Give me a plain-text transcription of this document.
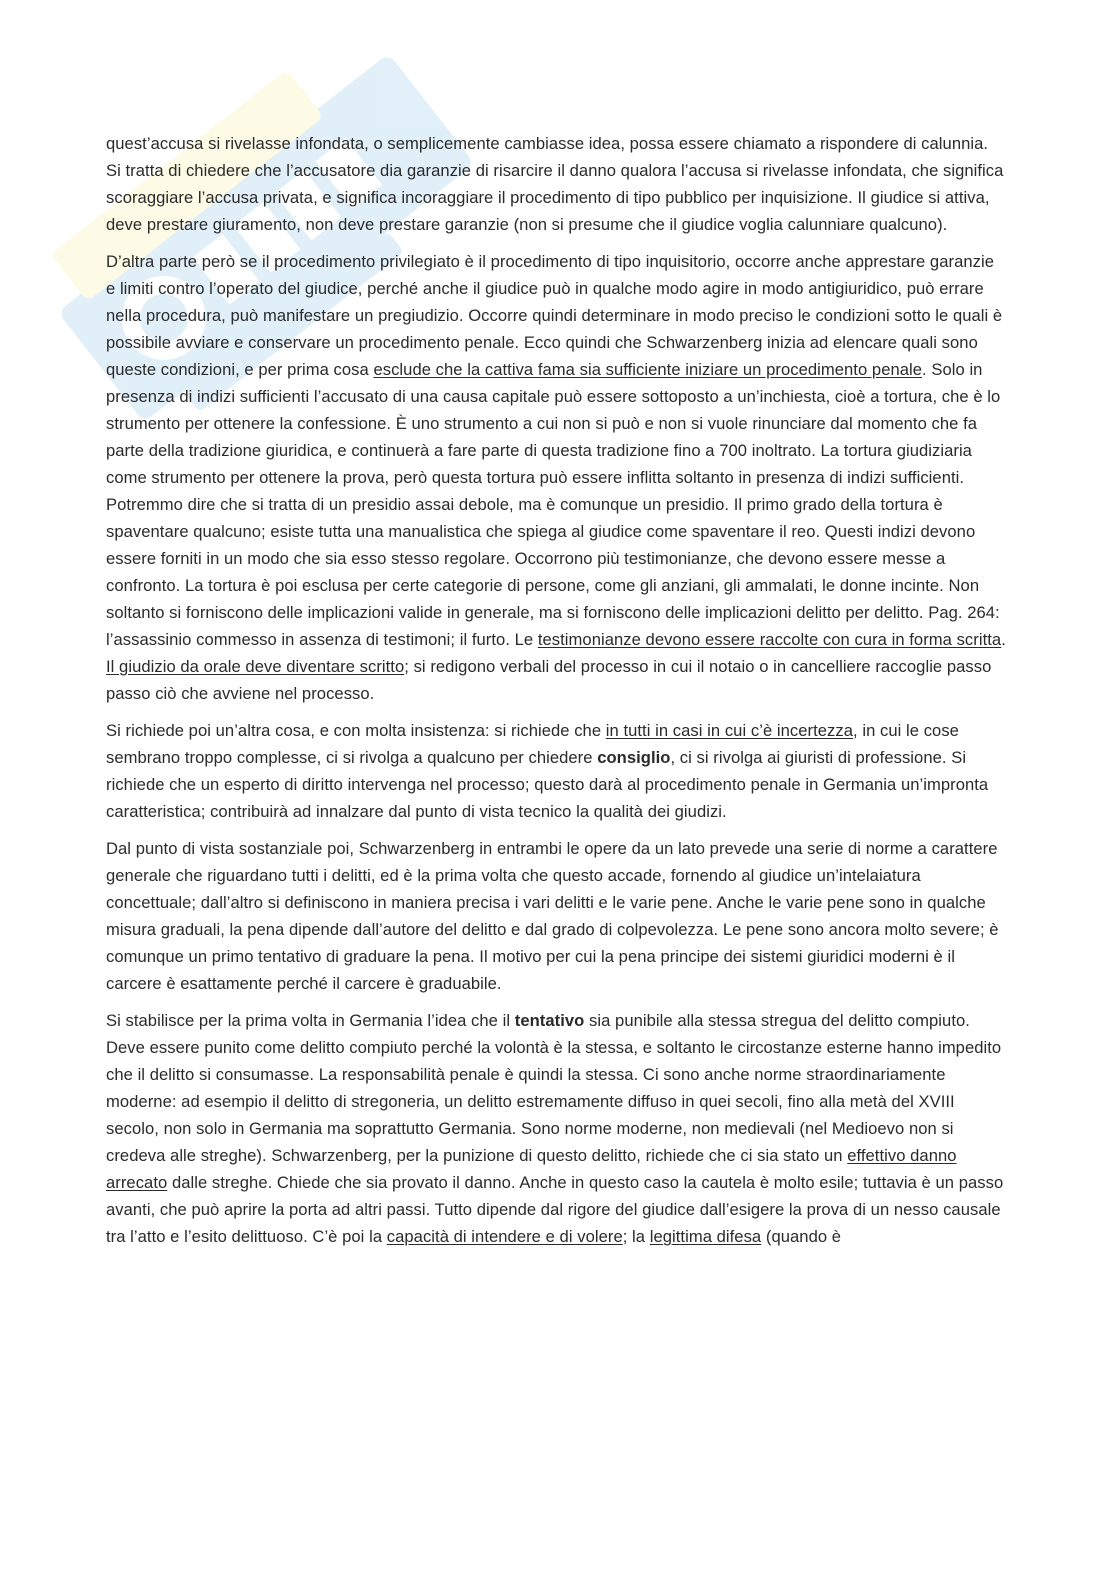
quest’accusa si rivelasse infondata, o semplicemente cambiasse idea, possa essere chiamato a rispondere di calunnia. Si tratta di chiedere che l’accusatore dia garanzie di risarcire il danno qualora l’accusa si rivelasse infondata, che significa scoraggiare l’accusa privata, e significa incoraggiare il procedimento di tipo pubblico per inquisizione. Il giudice si attiva, deve prestare giuramento, non deve prestare garanzie (non si presume che il giudice voglia calunniare qualcuno).

D’altra parte però se il procedimento privilegiato è il procedimento di tipo inquisitorio, occorre anche apprestare garanzie e limiti contro l’operato del giudice, perché anche il giudice può in qualche modo agire in modo antigiuridico, può errare nella procedura, può manifestare un pregiudizio. Occorre quindi determinare in modo preciso le condizioni sotto le quali è possibile avviare e conservare un procedimento penale. Ecco quindi che Schwarzenberg inizia ad elencare quali sono queste condizioni, e per prima cosa esclude che la cattiva fama sia sufficiente iniziare un procedimento penale. Solo in presenza di indizi sufficienti l’accusato di una causa capitale può essere sottoposto a un’inchiesta, cioè a tortura, che è lo strumento per ottenere la confessione. È uno strumento a cui non si può e non si vuole rinunciare dal momento che fa parte della tradizione giuridica, e continuerà a fare parte di questa tradizione fino a 700 inoltrato. La tortura giudiziaria come strumento per ottenere la prova, però questa tortura può essere inflitta soltanto in presenza di indizi sufficienti. Potremmo dire che si tratta di un presidio assai debole, ma è comunque un presidio. Il primo grado della tortura è spaventare qualcuno; esiste tutta una manualistica che spiega al giudice come spaventare il reo. Questi indizi devono essere forniti in un modo che sia esso stesso regolare. Occorrono più testimonianze, che devono essere messe a confronto. La tortura è poi esclusa per certe categorie di persone, come gli anziani, gli ammalati, le donne incinte. Non soltanto si forniscono delle implicazioni valide in generale, ma si forniscono delle implicazioni delitto per delitto. Pag. 264: l’assassinio commesso in assenza di testimoni; il furto. Le testimonianze devono essere raccolte con cura in forma scritta. Il giudizio da orale deve diventare scritto; si redigono verbali del processo in cui il notaio o in cancelliere raccoglie passo passo ciò che avviene nel processo.

Si richiede poi un’altra cosa, e con molta insistenza: si richiede che in tutti in casi in cui c’è incertezza, in cui le cose sembrano troppo complesse, ci si rivolga a qualcuno per chiedere consiglio, ci si rivolga ai giuristi di professione. Si richiede che un esperto di diritto intervenga nel processo; questo darà al procedimento penale in Germania un’impronta caratteristica; contribuirà ad innalzare dal punto di vista tecnico la qualità dei giudizi.

Dal punto di vista sostanziale poi, Schwarzenberg in entrambi le opere da un lato prevede una serie di norme a carattere generale che riguardano tutti i delitti, ed è la prima volta che questo accade, fornendo al giudice un’intelaiatura concettuale; dall’altro si definiscono in maniera precisa i vari delitti e le varie pene. Anche le varie pene sono in qualche misura graduali, la pena dipende dall’autore del delitto e dal grado di colpevolezza. Le pene sono ancora molto severe; è comunque un primo tentativo di graduare la pena. Il motivo per cui la pena principe dei sistemi giuridici moderni è il carcere è esattamente perché il carcere è graduabile.

Si stabilisce per la prima volta in Germania l’idea che il tentativo sia punibile alla stessa stregua del delitto compiuto. Deve essere punito come delitto compiuto perché la volontà è la stessa, e soltanto le circostanze esterne hanno impedito che il delitto si consumasse. La responsabilità penale è quindi la stessa. Ci sono anche norme straordinariamente moderne: ad esempio il delitto di stregoneria, un delitto estremamente diffuso in quei secoli, fino alla metà del XVIII secolo, non solo in Germania ma soprattutto Germania. Sono norme moderne, non medievali (nel Medioevo non si credeva alle streghe). Schwarzenberg, per la punizione di questo delitto, richiede che ci sia stato un effettivo danno arrecato dalle streghe. Chiede che sia provato il danno. Anche in questo caso la cautela è molto esile; tuttavia è un passo avanti, che può aprire la porta ad altri passi. Tutto dipende dal rigore del giudice dall’esigere la prova di un nesso causale tra l’atto e l’esito delittuoso. C’è poi la capacità di intendere e di volere; la legittima difesa (quando è
